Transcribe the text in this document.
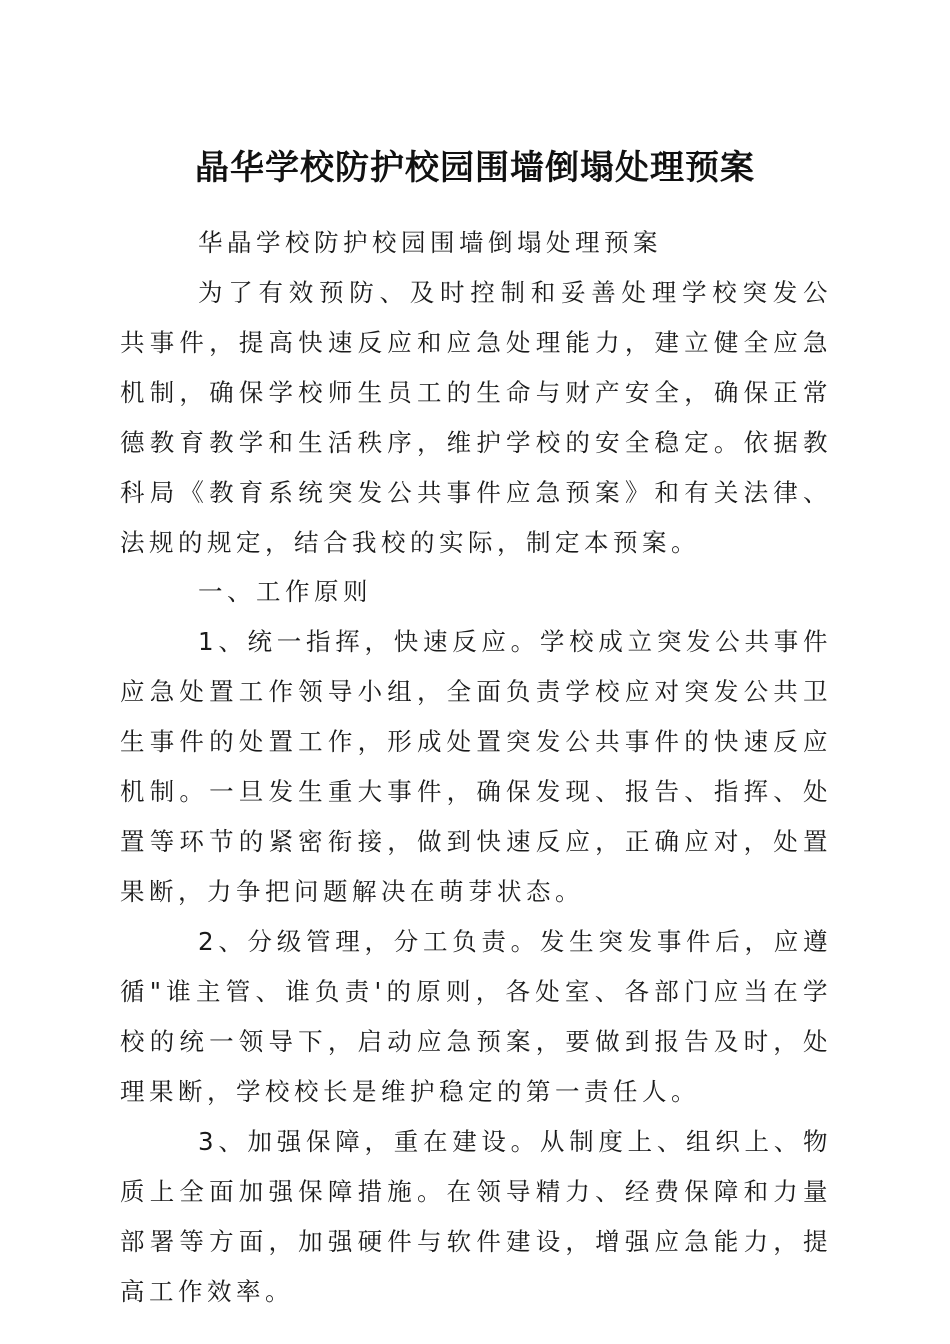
晶华学校防护校园围墙倒塌处理预案

华晶学校防护校园围墙倒塌处理预案

为了有效预防、及时控制和妥善处理学校突发公共事件，提高快速反应和应急处理能力，建立健全应急机制，确保学校师生员工的生命与财产安全，确保正常德教育教学和生活秩序，维护学校的安全稳定。依据教科局《教育系统突发公共事件应急预案》和有关法律、法规的规定，结合我校的实际，制定本预案。

一、工作原则

1、统一指挥，快速反应。学校成立突发公共事件应急处置工作领导小组，全面负责学校应对突发公共卫生事件的处置工作，形成处置突发公共事件的快速反应机制。一旦发生重大事件，确保发现、报告、指挥、处置等环节的紧密衔接，做到快速反应，正确应对，处置果断，力争把问题解决在萌芽状态。

2、分级管理，分工负责。发生突发事件后，应遵循"谁主管、谁负责'的原则，各处室、各部门应当在学校的统一领导下，启动应急预案，要做到报告及时，处理果断，学校校长是维护稳定的第一责任人。

3、加强保障，重在建设。从制度上、组织上、物质上全面加强保障措施。在领导精力、经费保障和力量部署等方面，加强硬件与软件建设，增强应急能力，提高工作效率。
